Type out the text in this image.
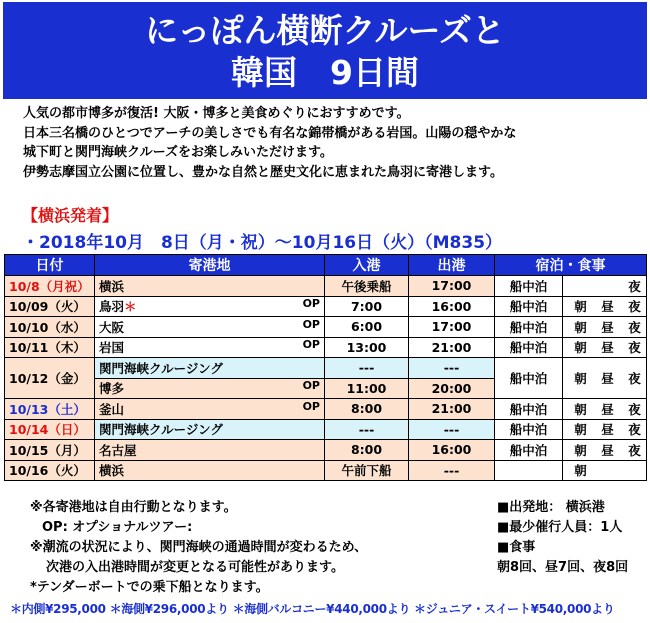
にっぽん横断クルーズと
韓国　9日間
人気の都市博多が復活! 大阪・博多と美食めぐりにおすすめです。
日本三名橋のひとつでアーチの美しさでも有名な錦帯橋がある岩国。山陽の穏やかな
城下町と関門海峡クルーズをお楽しみいただけます。
伊勢志摩国立公園に位置し、豊かな自然と歴史文化に恵まれた鳥羽に寄港します。
【横浜発着】
・2018年10月　8日（月・祝）～10月16日（火）（M835）
日付	寄港地	入港	出港	宿泊・食事	
10/8（月祝）	横浜	午後乗船	17:00	船中泊	夜
10/09（火）	鳥羽＊ OP	7:00	16:00	船中泊	朝 昼 夜
10/10（水）	大阪 OP	6:00	17:00	船中泊	朝 昼 夜
10/11（木）	岩国 OP	13:00	21:00	船中泊	朝 昼 夜
10/12（金）	関門海峡クルージング	---	---	船中泊	朝 昼 夜
	博多 OP	11:00	20:00		
10/13（土）	釜山 OP	8:00	21:00	船中泊	朝 昼 夜
10/14（日）	関門海峡クルージング	---	---	船中泊	朝 昼 夜
10/15（月）	名古屋	8:00	16:00	船中泊	朝 昼 夜
10/16（火）	横浜	午前下船	---		朝
※各寄港地は自由行動となります。
OP: オプショナルツアー:
※潮流の状況により、関門海峡の通過時間が変わるため、
次港の入出港時間が変更となる可能性があります。
*テンダーボートでの乗下船となります。
■出発地： 横浜港
■最少催行人員：1人
■食事
朝8回、昼7回、夜8回
＊内側¥295,000 ＊海側¥296,000より ＊海側バルコニー¥440,000より ＊ジュニア・スイート¥540,000より
